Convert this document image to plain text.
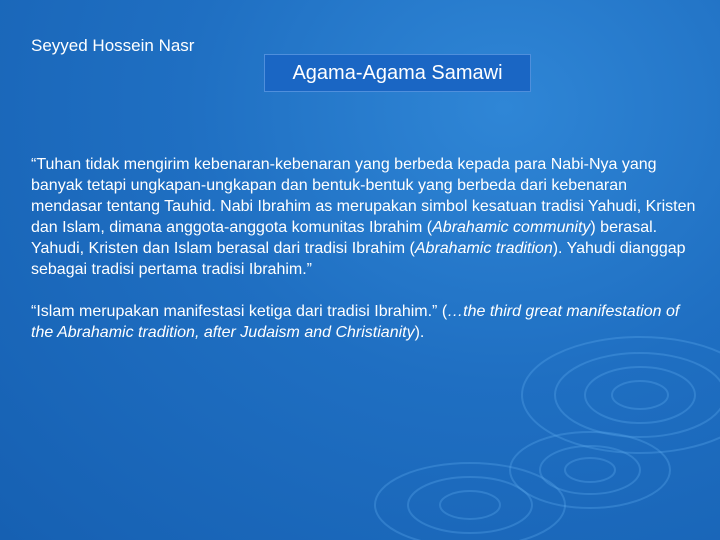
Seyyed Hossein Nasr
Agama-Agama Samawi

“Tuhan tidak mengirim kebenaran-kebenaran yang berbeda kepada para Nabi-Nya yang banyak tetapi ungkapan-ungkapan dan bentuk-bentuk yang berbeda dari kebenaran mendasar tentang Tauhid. Nabi Ibrahim as merupakan simbol kesatuan tradisi Yahudi, Kristen dan Islam, dimana anggota-anggota komunitas Ibrahim (Abrahamic community) berasal. Yahudi, Kristen dan Islam berasal dari tradisi Ibrahim (Abrahamic tradition). Yahudi dianggap sebagai tradisi pertama tradisi Ibrahim.”

“Islam merupakan manifestasi ketiga dari tradisi Ibrahim.” (…the third great manifestation of the Abrahamic tradition, after Judaism and Christianity).
